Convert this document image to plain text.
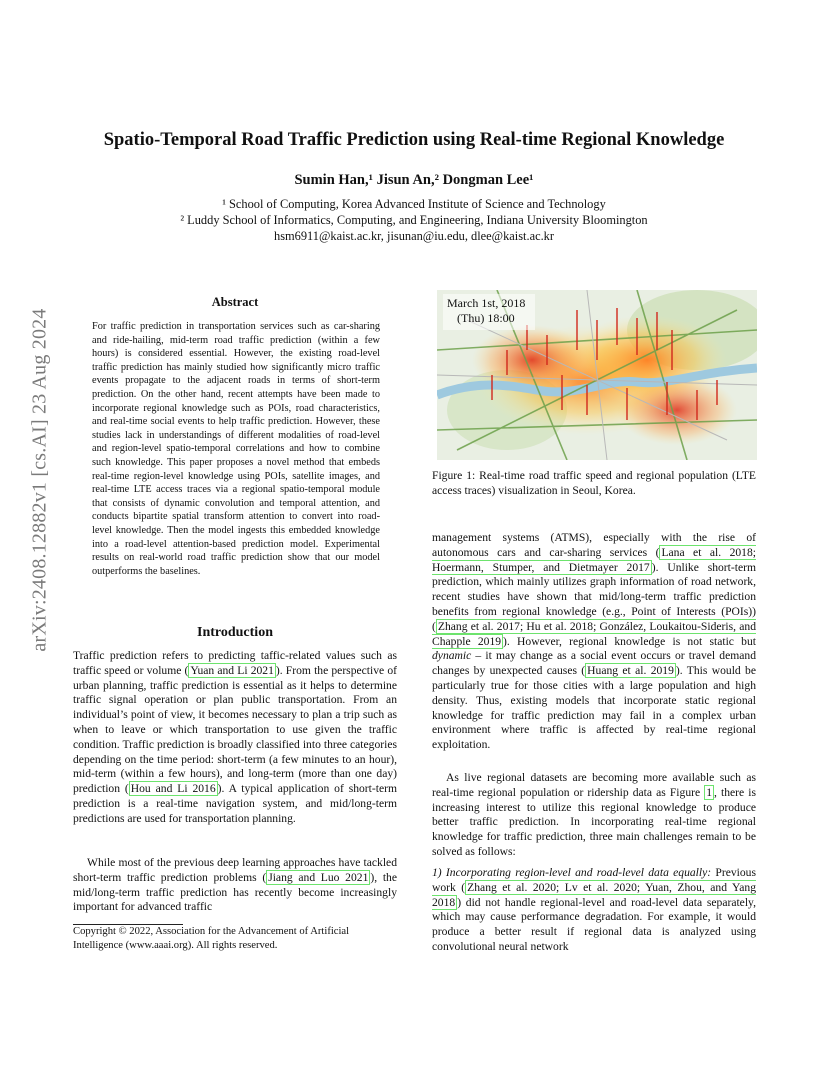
arXiv:2408.12882v1 [cs.AI] 23 Aug 2024
Spatio-Temporal Road Traffic Prediction using Real-time Regional Knowledge
Sumin Han,¹ Jisun An,² Dongman Lee¹
¹ School of Computing, Korea Advanced Institute of Science and Technology
² Luddy School of Informatics, Computing, and Engineering, Indiana University Bloomington
hsm6911@kaist.ac.kr, jisunan@iu.edu, dlee@kaist.ac.kr
Abstract
For traffic prediction in transportation services such as car-sharing and ride-hailing, mid-term road traffic prediction (within a few hours) is considered essential. However, the existing road-level traffic prediction has mainly studied how significantly micro traffic events propagate to the adjacent roads in terms of short-term prediction. On the other hand, recent attempts have been made to incorporate regional knowledge such as POIs, road characteristics, and real-time social events to help traffic prediction. However, these studies lack in understandings of different modalities of road-level and region-level spatio-temporal correlations and how to combine such knowledge. This paper proposes a novel method that embeds real-time region-level knowledge using POIs, satellite images, and real-time LTE access traces via a regional spatio-temporal module that consists of dynamic convolution and temporal attention, and conducts bipartite spatial transform attention to convert into road-level knowledge. Then the model ingests this embedded knowledge into a road-level attention-based prediction model. Experimental results on real-world road traffic prediction show that our model outperforms the baselines.
Introduction
Traffic prediction refers to predicting taffic-related values such as traffic speed or volume ( Yuan and Li 2021 ). From the perspective of urban planning, traffic prediction is essential as it helps to determine traffic signal operation or plan public transportation. From an individual’s point of view, it becomes necessary to plan a trip such as when to leave or which transportation to use given the traffic condition. Traffic prediction is broadly classified into three categories depending on the time period: short-term (a few minutes to an hour), mid-term (within a few hours), and long-term (more than one day) prediction ( Hou and Li 2016 ). A typical application of short-term prediction is a real-time navigation system, and mid/long-term predictions are used for transportation planning.
While most of the previous deep learning approaches have tackled short-term traffic prediction problems ( Jiang and Luo 2021 ), the mid/long-term traffic prediction has recently become increasingly important for advanced traffic
Copyright © 2022, Association for the Advancement of Artificial Intelligence (www.aaai.org). All rights reserved.
March 1st, 2018
(Thu) 18:00
Figure 1: Real-time road traffic speed and regional population (LTE access traces) visualization in Seoul, Korea.
management systems (ATMS), especially with the rise of autonomous cars and car-sharing services ( Lana et al. 2018; Hoermann, Stumper, and Dietmayer 2017 ). Unlike short-term prediction, which mainly utilizes graph information of road network, recent studies have shown that mid/long-term traffic prediction benefits from regional knowledge (e.g., Point of Interests (POIs)) ( Zhang et al. 2017; Hu et al. 2018; González, Loukaitou-Sideris, and Chapple 2019 ). However, regional knowledge is not static but dynamic – it may change as a social event occurs or travel demand changes by unexpected causes ( Huang et al. 2019 ). This would be particularly true for those cities with a large population and high density. Thus, existing models that incorporate static regional knowledge for traffic prediction may fail in a complex urban environment where traffic is affected by real-time regional exploitation.
As live regional datasets are becoming more available such as real-time regional population or ridership data as Figure 1 , there is increasing interest to utilize this regional knowledge to produce better traffic prediction. In incorporating real-time regional knowledge for traffic prediction, three main challenges remain to be solved as follows:
1) Incorporating region-level and road-level data equally: Previous work ( Zhang et al. 2020; Lv et al. 2020; Yuan, Zhou, and Yang 2018 ) did not handle regional-level and road-level data separately, which may cause performance degradation. For example, it would produce a better result if regional data is analyzed using convolutional neural network
